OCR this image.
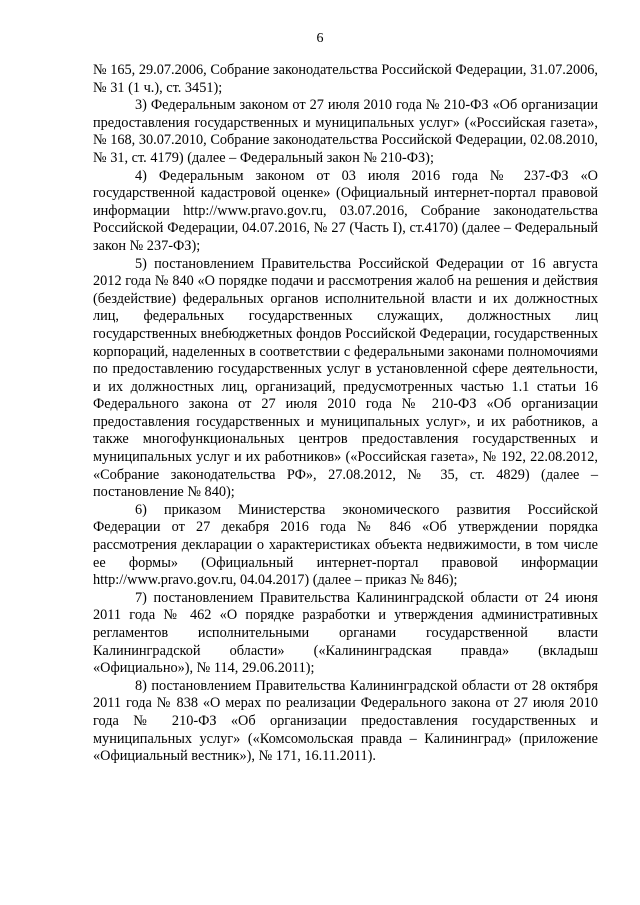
6

№ 165, 29.07.2006, Собрание законодательства Российской Федерации, 31.07.2006, № 31 (1 ч.), ст. 3451);

3) Федеральным законом от 27 июля 2010 года № 210-ФЗ «Об организации предоставления государственных и муниципальных услуг» («Российская газета», № 168, 30.07.2010, Собрание законодательства Российской Федерации, 02.08.2010, № 31, ст. 4179) (далее – Федеральный закон № 210-ФЗ);

4) Федеральным законом от 03 июля 2016 года № 237-ФЗ «О государственной кадастровой оценке» (Официальный интернет-портал правовой информации http://www.pravo.gov.ru, 03.07.2016, Собрание законодательства Российской Федерации, 04.07.2016, № 27 (Часть I), ст.4170) (далее – Федеральный закон № 237-ФЗ);

5) постановлением Правительства Российской Федерации от 16 августа 2012 года № 840 «О порядке подачи и рассмотрения жалоб на решения и действия (бездействие) федеральных органов исполнительной власти и их должностных лиц, федеральных государственных служащих, должностных лиц государственных внебюджетных фондов Российской Федерации, государственных корпораций, наделенных в соответствии с федеральными законами полномочиями по предоставлению государственных услуг в установленной сфере деятельности, и их должностных лиц, организаций, предусмотренных частью 1.1 статьи 16 Федерального закона от 27 июля 2010 года № 210-ФЗ «Об организации предоставления государственных и муниципальных услуг», и их работников, а также многофункциональных центров предоставления государственных и муниципальных услуг и их работников» («Российская газета», № 192, 22.08.2012, «Собрание законодательства РФ», 27.08.2012, № 35, ст. 4829) (далее – постановление № 840);

6) приказом Министерства экономического развития Российской Федерации от 27 декабря 2016 года № 846 «Об утверждении порядка рассмотрения декларации о характеристиках объекта недвижимости, в том числе ее формы» (Официальный интернет-портал правовой информации http://www.pravo.gov.ru, 04.04.2017) (далее – приказ № 846);

7) постановлением Правительства Калининградской области от 24 июня 2011 года № 462 «О порядке разработки и утверждения административных регламентов исполнительными органами государственной власти Калининградской области» («Калининградская правда» (вкладыш «Официально»), № 114, 29.06.2011);

8) постановлением Правительства Калининградской области от 28 октября 2011 года № 838 «О мерах по реализации Федерального закона от 27 июля 2010 года № 210-ФЗ «Об организации предоставления государственных и муниципальных услуг» («Комсомольская правда – Калининград» (приложение «Официальный вестник»), № 171, 16.11.2011).
